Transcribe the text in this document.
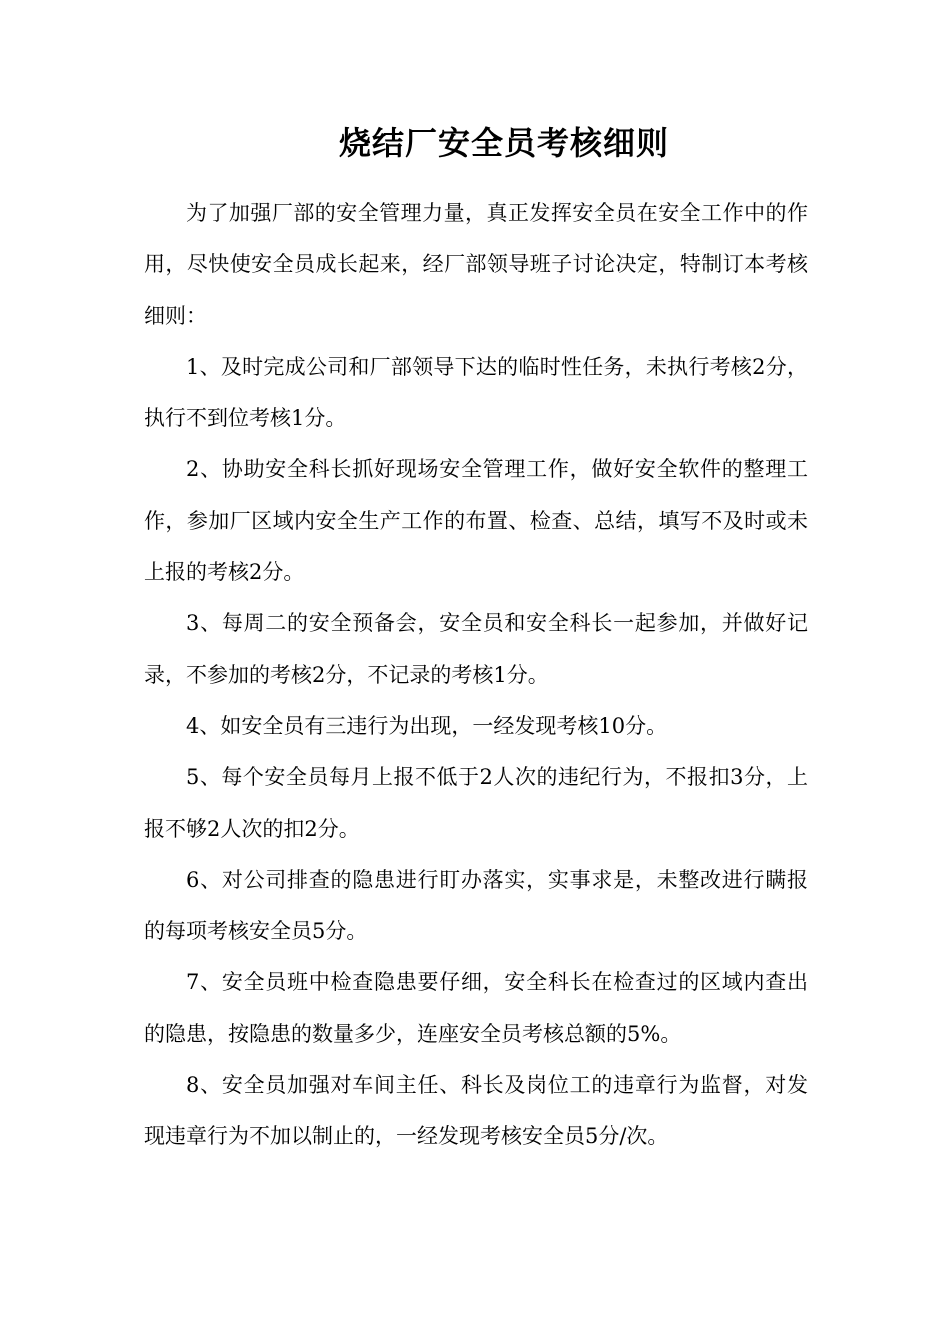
烧结厂安全员考核细则

为了加强厂部的安全管理力量，真正发挥安全员在安全工作中的作用，尽快使安全员成长起来，经厂部领导班子讨论决定，特制订本考核细则：

1、及时完成公司和厂部领导下达的临时性任务，未执行考核2分，执行不到位考核1分。

2、协助安全科长抓好现场安全管理工作，做好安全软件的整理工作，参加厂区域内安全生产工作的布置、检查、总结，填写不及时或未上报的考核2分。

3、每周二的安全预备会，安全员和安全科长一起参加，并做好记录，不参加的考核2分，不记录的考核1分。

4、如安全员有三违行为出现，一经发现考核10分。

5、每个安全员每月上报不低于2人次的违纪行为，不报扣3分，上报不够2人次的扣2分。

6、对公司排查的隐患进行盯办落实，实事求是，未整改进行瞒报的每项考核安全员5分。

7、安全员班中检查隐患要仔细，安全科长在检查过的区域内查出的隐患，按隐患的数量多少，连座安全员考核总额的5%。

8、安全员加强对车间主任、科长及岗位工的违章行为监督，对发现违章行为不加以制止的，一经发现考核安全员5分/次。
